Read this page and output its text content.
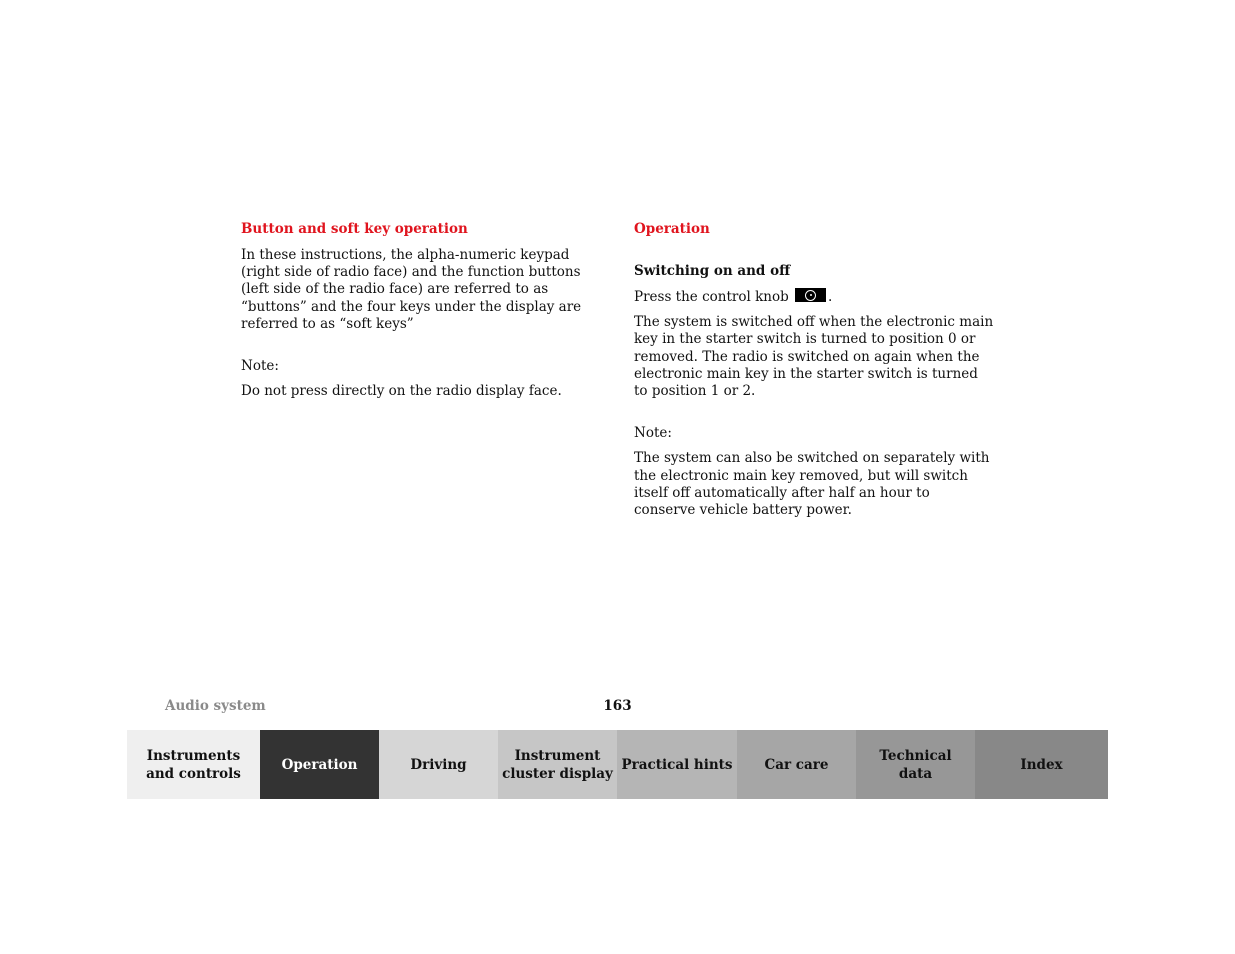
Button and soft key operation

In these instructions, the alpha-numeric keypad (right side of radio face) and the function buttons (left side of the radio face) are referred to as “buttons” and the four keys under the display are referred to as “soft keys”

Note:

Do not press directly on the radio display face.

Operation
Switching on and off

Press the control knob	.

The system is switched off when the electronic main key in the starter switch is turned to position 0 or removed. The radio is switched on again when the electronic main key in the starter switch is turned to position 1 or 2.

Note:

The system can also be switched on separately with the electronic main key removed, but will switch itself off automatically after half an hour to conserve vehicle battery power.

Audio system	163
Instruments
and controls
Operation	Driving
Instrument
cluster display
Practical hints Car care
Technical
data
Index
